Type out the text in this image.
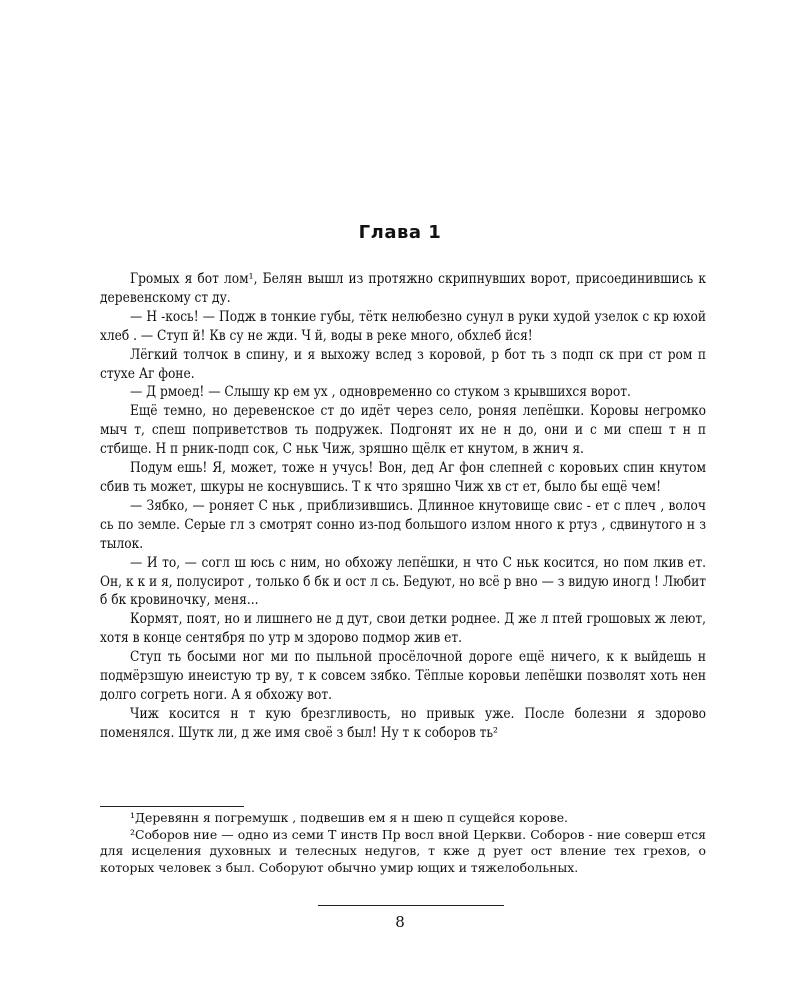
Глава 1

Громых я бот лом¹, Белян вышл из протяжно скрипнувших ворот, присоединившись к деревенскому ст ду.

— Н -кось! — Подж в тонкие губы, тётк нелюбезно сунул в руки худой узелок с кр юхой хлеб . — Ступ й! Кв су не жди. Ч й, воды в реке много, обхлеб йся!

Лёгкий толчок в спину, и я выхожу вслед з коровой, р бот ть з подп ск при ст ром п стухе Аг фоне.

— Д рмоед! — Слышу кр ем ух , одновременно со стуком з крывшихся ворот.

Ещё темно, но деревенское ст до идёт через село, роняя лепёшки. Коровы негромко мыч т, спеш поприветствов ть подружек. Подгонят их не н до, они и с ми спеш т н п стбище. Н п рник-подп сок, С ньк Чиж, зряшно щёлк ет кнутом, в жнич я.

Подум ешь! Я, может, тоже н учусь! Вон, дед Аг фон слепней с коровьих спин кнутом сбив ть может, шкуры не коснувшись. Т к что зряшно Чиж хв ст ет, было бы ещё чем!

— Зябко, — роняет С ньк , приблизившись. Длинное кнутовище свис - ет с плеч , волоч сь по земле. Серые гл з смотрят сонно из-под большого излом нного к ртуз , сдвинутого н з тылок.

— И то, — согл ш юсь с ним, но обхожу лепёшки, н что С ньк косится, но пом лкив ет. Он, к к и я, полусирот , только б бк и ост л сь. Бедуют, но всё р вно — з видую иногд ! Любит б бк кровиночку, меня...

Кормят, поят, но и лишнего не д дут, свои детки роднее. Д же л птей грошовых ж леют, хотя в конце сентября по утр м здорово подмор жив ет.

Ступ ть босыми ног ми по пыльной просёлочной дороге ещё ничего, к к выйдешь н подмёрзшую инеистую тр ву, т к совсем зябко. Тёплые коровьи лепёшки позволят хоть нен долго согреть ноги. А я обхожу вот.

Чиж косится н т кую брезгливость, но привык уже. После болезни я здорово поменялся. Шутк ли, д же имя своё з был! Ну т к соборов ть²

¹Деревянн я погремушк , подвешив ем я н шею п сущейся корове.

²Соборов ние — одно из семи Т инств Пр восл вной Церкви. Соборов - ние соверш ется для исцеления духовных и телесных недугов, т кже д рует ост вление тех грехов, о которых человек з был. Соборуют обычно умир ющих и тяжелобольных.

8
